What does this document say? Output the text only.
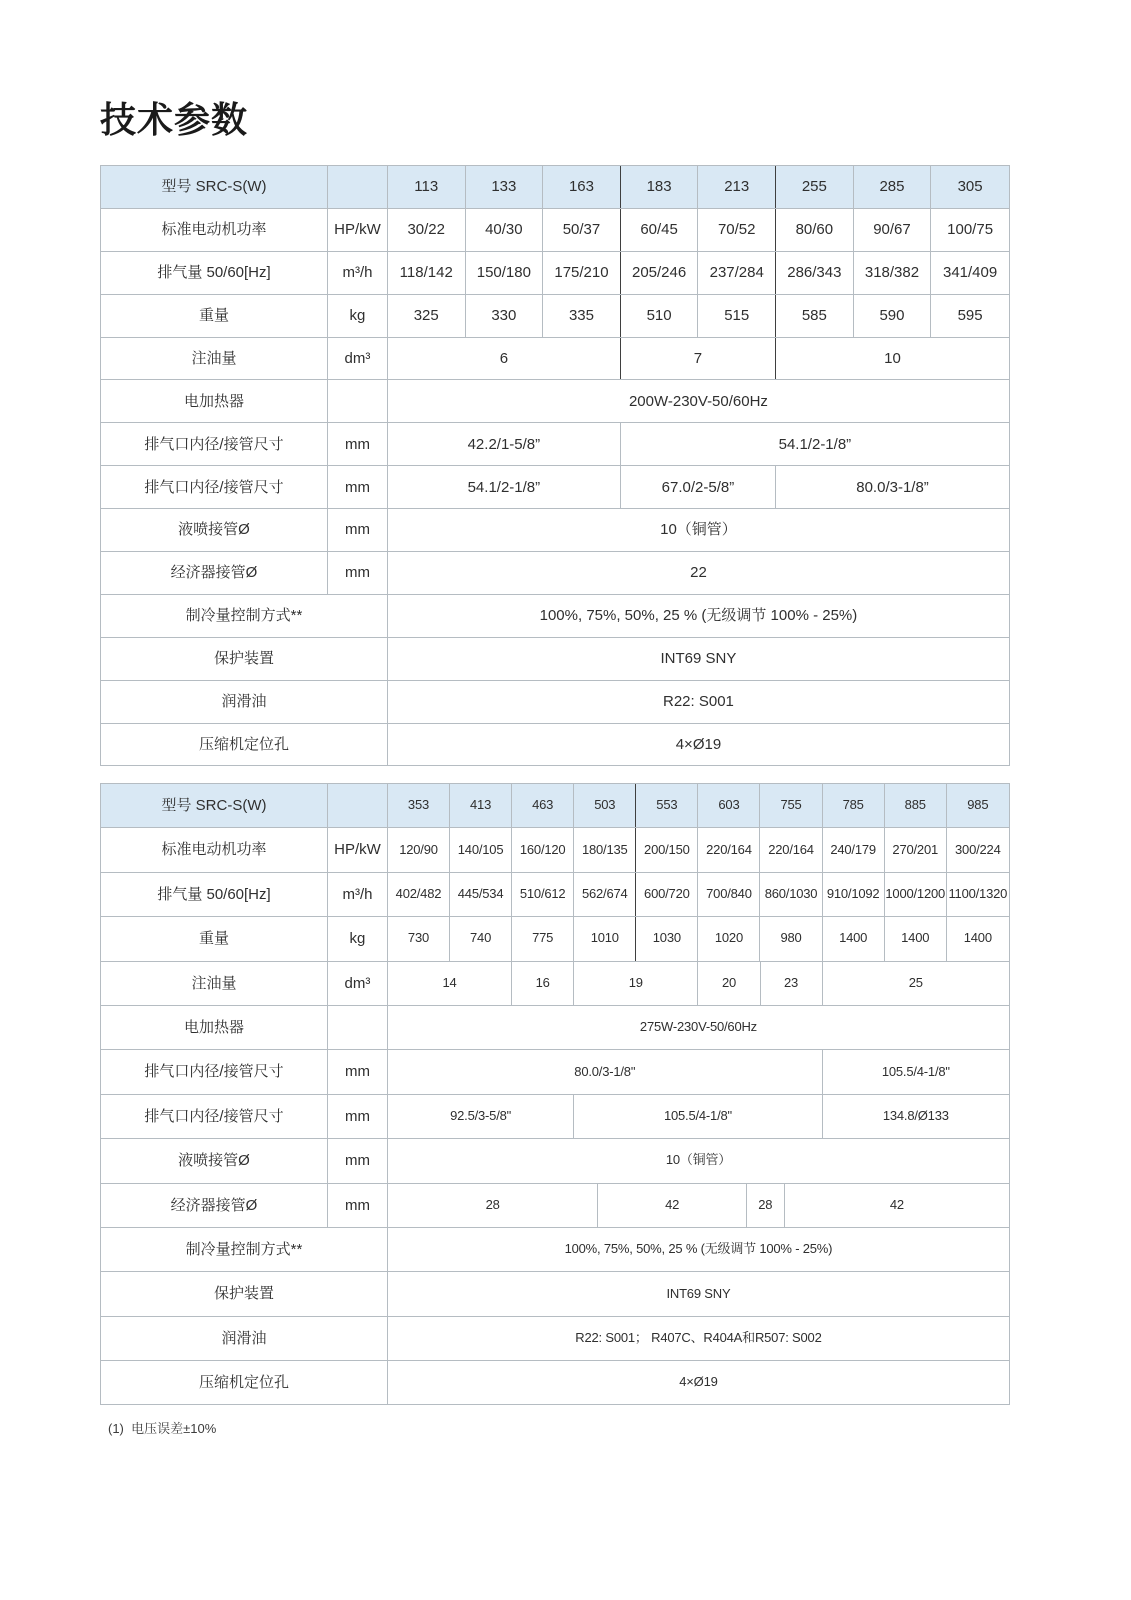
技术参数
型号 SRC-S(W)	113	133	163	183	213	255	285	305
标准电动机功率	HP/kW	30/22	40/30	50/37	60/45	70/52	80/60	90/67	100/75
排气量 50/60[Hz]	m³/h	118/142	150/180	175/210	205/246	237/284	286/343	318/382	341/409
重量	kg	325	330	335	510	515	585	590	595
注油量	dm³	6	7	10
电加热器	200W-230V-50/60Hz
排气口内径/接管尺寸	mm	42.2/1-5/8”	54.1/2-1/8”
排气口内径/接管尺寸	mm	54.1/2-1/8”	67.0/2-5/8”	80.0/3-1/8”
液喷接管Ø	mm	10（铜管）
经济器接管Ø	mm	22
制冷量控制方式**	100%, 75%, 50%, 25 % (无级调节 100% - 25%)
保护装置	INT69 SNY
润滑油	R22: S001
压缩机定位孔	4×Ø19
型号 SRC-S(W)	353	413	463	503	553	603	755	785	885	985
标准电动机功率	HP/kW	120/90	140/105	160/120	180/135	200/150	220/164	220/164	240/179	270/201	300/224
排气量 50/60[Hz]	m³/h	402/482	445/534	510/612	562/674	600/720	700/840 860/1030 910/1092 1000/1200 1100/1320
重量	kg	730	740	775	1010	1030	1020	980	1400	1400	1400
注油量	dm³	14	16	19	20	23	25
电加热器	275W-230V-50/60Hz
排气口内径/接管尺寸	mm	80.0/3-1/8"	105.5/4-1/8"
排气口内径/接管尺寸	mm	92.5/3-5/8"	105.5/4-1/8"	134.8/Ø133
液喷接管Ø	mm	10（铜管）
经济器接管Ø	mm	28	42	28	42
制冷量控制方式**	100%, 75%, 50%, 25 % (无级调节 100% - 25%)
保护装置	INT69 SNY
润滑油	R22: S001； R407C、R404A和R507: S002
压缩机定位孔	4×Ø19
(1)  电压误差±10%
